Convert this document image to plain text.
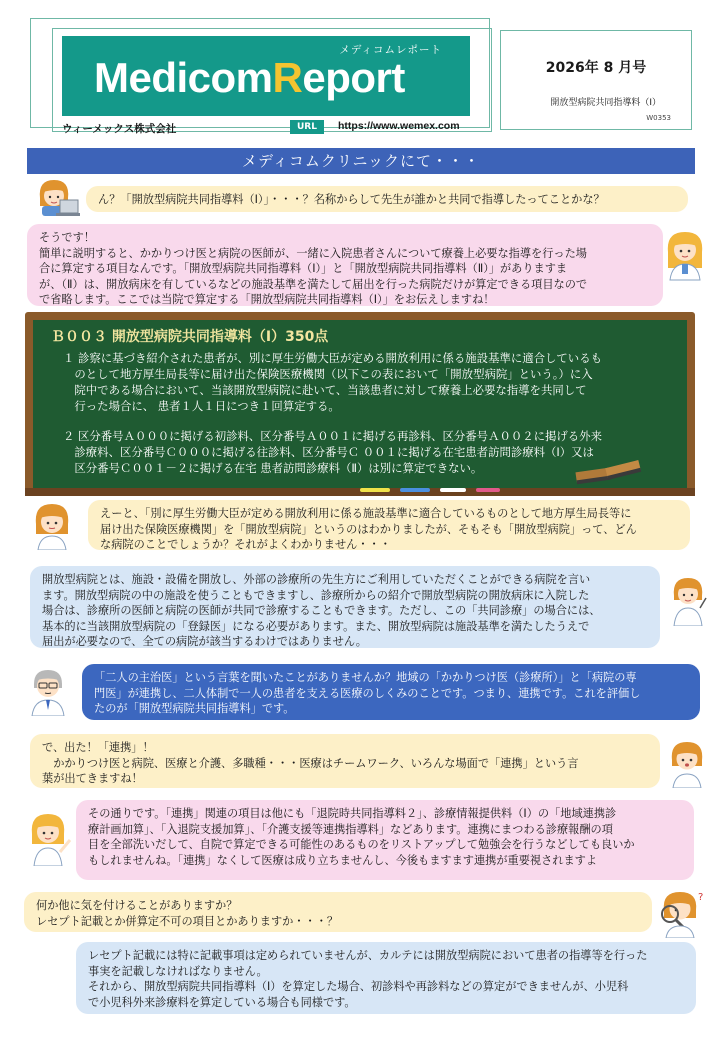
メディコムレポート
MedicomReport
ウィーメックス株式会社	URL	https://www.wemex.com
2026年 8 月号
開放型病院共同指導料（Ⅰ）
W0353
メディコムクリニックにて・・・
ん？「開放型病院共同指導料（Ⅰ）」・・・？名称からして先生が誰かと共同で指導したってことかな？
そうです！
簡単に説明すると、かかりつけ医と病院の医師が、一緒に入院患者さんについて療養上必要な指導を行った場
合に算定する項目なんです。「開放型病院共同指導料（Ⅰ）」と「開放型病院共同指導料（Ⅱ）」がありますま
が、（Ⅱ）は、開放病床を有しているなどの施設基準を満たして届出を行った病院だけが算定できる項目なので
で省略します。ここでは当院で算定する「開放型病院共同指導料（Ⅰ）」をお伝えしますね！
Ｂ００３ 開放型病院共同指導料（Ⅰ）350点
１ 診察に基づき紹介された患者が、別に厚生労働大臣が定める開放利用に係る施設基準に適合しているも
　のとして地方厚生局長等に届け出た保険医療機関（以下この表において「開放型病院」という。）に入
　院中である場合において、当該開放型病院に赴いて、当該患者に対して療養上必要な指導を共同して
　行った場合に、 患者１人１日につき１回算定する。
２ 区分番号Ａ０００に掲げる初診料、区分番号Ａ００１に掲げる再診料、区分番号Ａ００２に掲げる外来
　診療料、区分番号Ｃ０００に掲げる往診料、区分番号Ｃ ００１に掲げる在宅患者訪問診療料（Ⅰ）又は
　区分番号Ｃ００１－２に掲げる在宅 患者訪問診療料（Ⅱ）は別に算定できない。
えーと、「別に厚生労働大臣が定める開放利用に係る施設基準に適合しているものとして地方厚生局長等に
届け出た保険医療機関」を「開放型病院」というのはわかりましたが、そもそも「開放型病院」って、どん
な病院のことでしょうか？それがよくわかりません・・・
開放型病院とは、施設・設備を開放し、外部の診療所の先生方にご利用していただくことができる病院を言い
ます。開放型病院の中の施設を使うこともできますし、診療所からの紹介で開放型病院の開放病床に入院した
場合は、診療所の医師と病院の医師が共同で診療することもできます。ただし、この「共同診療」の場合には、
基本的に当該開放型病院の「登録医」になる必要があります。また、開放型病院は施設基準を満たしたうえで
届出が必要なので、全ての病院が該当するわけではありません。
「二人の主治医」という言葉を聞いたことがありませんか？地域の「かかりつけ医（診療所）」と「病院の専
門医」が連携し、二人体制で一人の患者を支える医療のしくみのことです。つまり、連携です。これを評価し
たのが「開放型病院共同指導料」です。
で、出た！「連携」！
　かかりつけ医と病院、医療と介護、多職種・・・医療はチームワーク、いろんな場面で「連携」という言
葉が出てきますね！
その通りです。「連携」関連の項目は他にも「退院時共同指導料２」、診療情報提供料（Ⅰ）の「地域連携診
療計画加算」、「入退院支援加算」、「介護支援等連携指導料」などあります。連携にまつわる診療報酬の項
目を全部洗いだして、自院で算定できる可能性のあるものをリストアップして勉強会を行うなどしても良いか
もしれませんね。「連携」なくして医療は成り立ちませんし、今後もますます連携が重要視されますよ
何か他に気を付けることがありますか？
レセプト記載とか併算定不可の項目とかありますか・・・？
?
レセプト記載には特に記載事項は定められていませんが、カルテには開放型病院において患者の指導等を行った
事実を記載しなければなりません。
それから、開放型病院共同指導料（Ⅰ）を算定した場合、初診料や再診料などの算定ができませんが、小児科
で小児科外来診療料を算定している場合も同様です。
